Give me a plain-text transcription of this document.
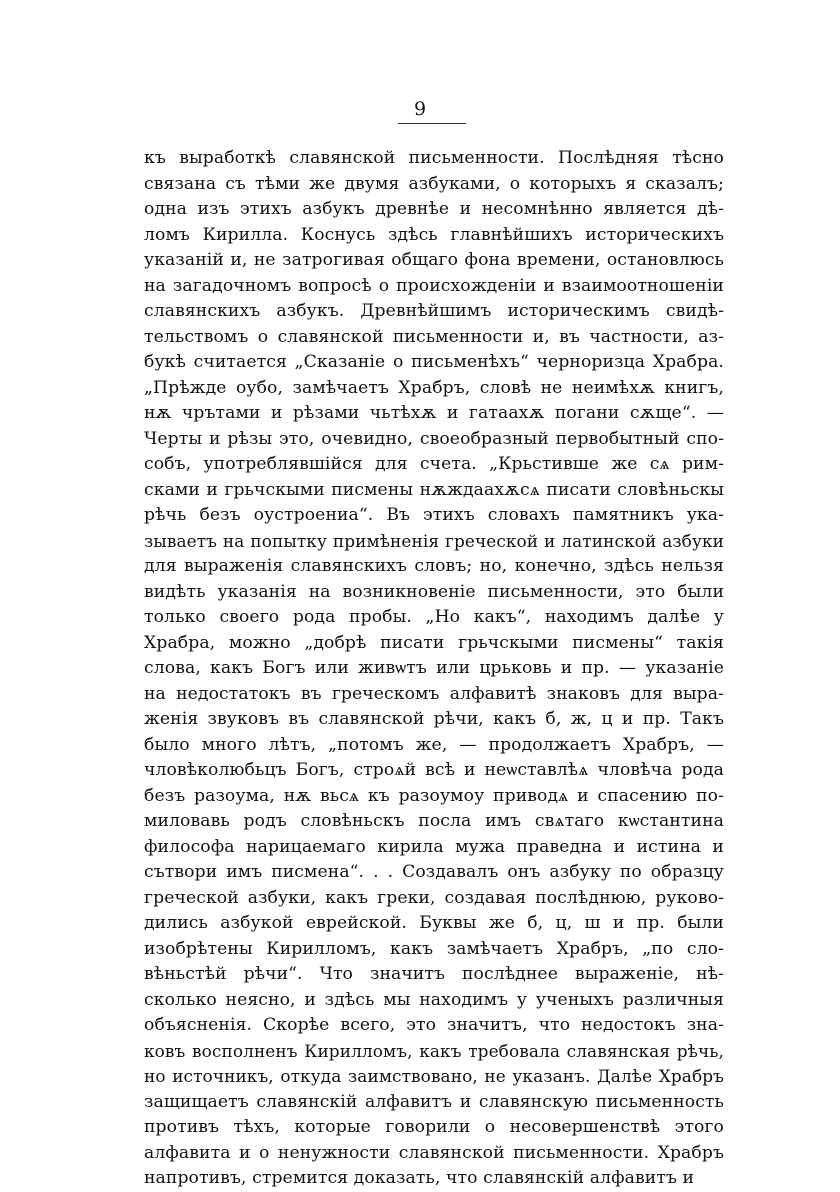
9
къ выработкѣ славянской письменности. Послѣдняя тѣсно
связана съ тѣми же двумя азбуками, о которыхъ я сказалъ;
одна изъ этихъ азбукъ древнѣе и несомнѣнно является дѣ-
ломъ Кирилла. Коснусь здѣсь главнѣйшихъ историческихъ
указаній и, не затрогивая общаго фона времени, остановлюсь
на загадочномъ вопросѣ о происхожденіи и взаимоотношеніи
славянскихъ азбукъ. Древнѣйшимъ историческимъ свидѣ-
тельствомъ о славянской письменности и, въ частности, аз-
букѣ считается „Сказаніе о письменѣхъ“ черноризца Храбра.
„Прѣжде оубо, замѣчаетъ Храбръ, словѣ не неимѣхѫ книгъ,
нѫ чрътами и рѣзами чьтѣхѫ и гатаахѫ погани сѫще“. —
Черты и рѣзы это, очевидно, своеобразный первобытный спо-
собъ, употреблявшійся для счета. „Крьстивше же сѧ рим-
сками и грьчскыми писмены нѫждаахѫсѧ писати словѣньскы
рѣчь безъ оустроениа“. Въ этихъ словахъ памятникъ ука-
зываетъ на попытку примѣненія греческой и латинской азбуки
для выраженія славянскихъ словъ; но, конечно, здѣсь нельзя
видѣть указанія на возникновеніе письменности, это были
только своего рода пробы. „Но какъ“, находимъ далѣе у
Храбра, можно „добрѣ писати грьчскыми писмены“ такія
слова, какъ Богъ или живѡтъ или црьковь и пр. — указаніе
на недостатокъ въ греческомъ алфавитѣ знаковъ для выра-
женія звуковъ въ славянской рѣчи, какъ б, ж, ц и пр. Такъ
было много лѣтъ, „потомъ же, — продолжаетъ Храбръ, —
чловѣколюбьцъ Богъ, строѧй всѣ и неѡставлѣѧ чловѣча рода
безъ разоума, нѫ вьсѧ къ разоумоу приводѧ и спасению по-
миловавь родъ словѣньскъ посла имъ свѧтаго кѡстантина
философа нарицаемаго кирила мужа праведна и истина и
сътвори имъ писмена“. . . Создавалъ онъ азбуку по образцу
греческой азбуки, какъ греки, создавая послѣднюю, руково-
дились азбукой еврейской. Буквы же б, ц, ш и пр. были
изобрѣтены Кирилломъ, какъ замѣчаетъ Храбръ, „по сло-
вѣньстѣй рѣчи“. Что значитъ послѣднее выраженіе, нѣ-
сколько неясно, и здѣсь мы находимъ у ученыхъ различныя
объясненія. Скорѣе всего, это значитъ, что недостокъ зна-
ковъ восполненъ Кирилломъ, какъ требовала славянская рѣчь,
но источникъ, откуда заимствовано, не указанъ. Далѣе Храбръ
защищаетъ славянскій алфавитъ и славянскую письменность
противъ тѣхъ, которые говорили о несовершенствѣ этого
алфавита и о ненужности славянской письменности. Храбръ
напротивъ, стремится доказать, что славянскій алфавитъ и
